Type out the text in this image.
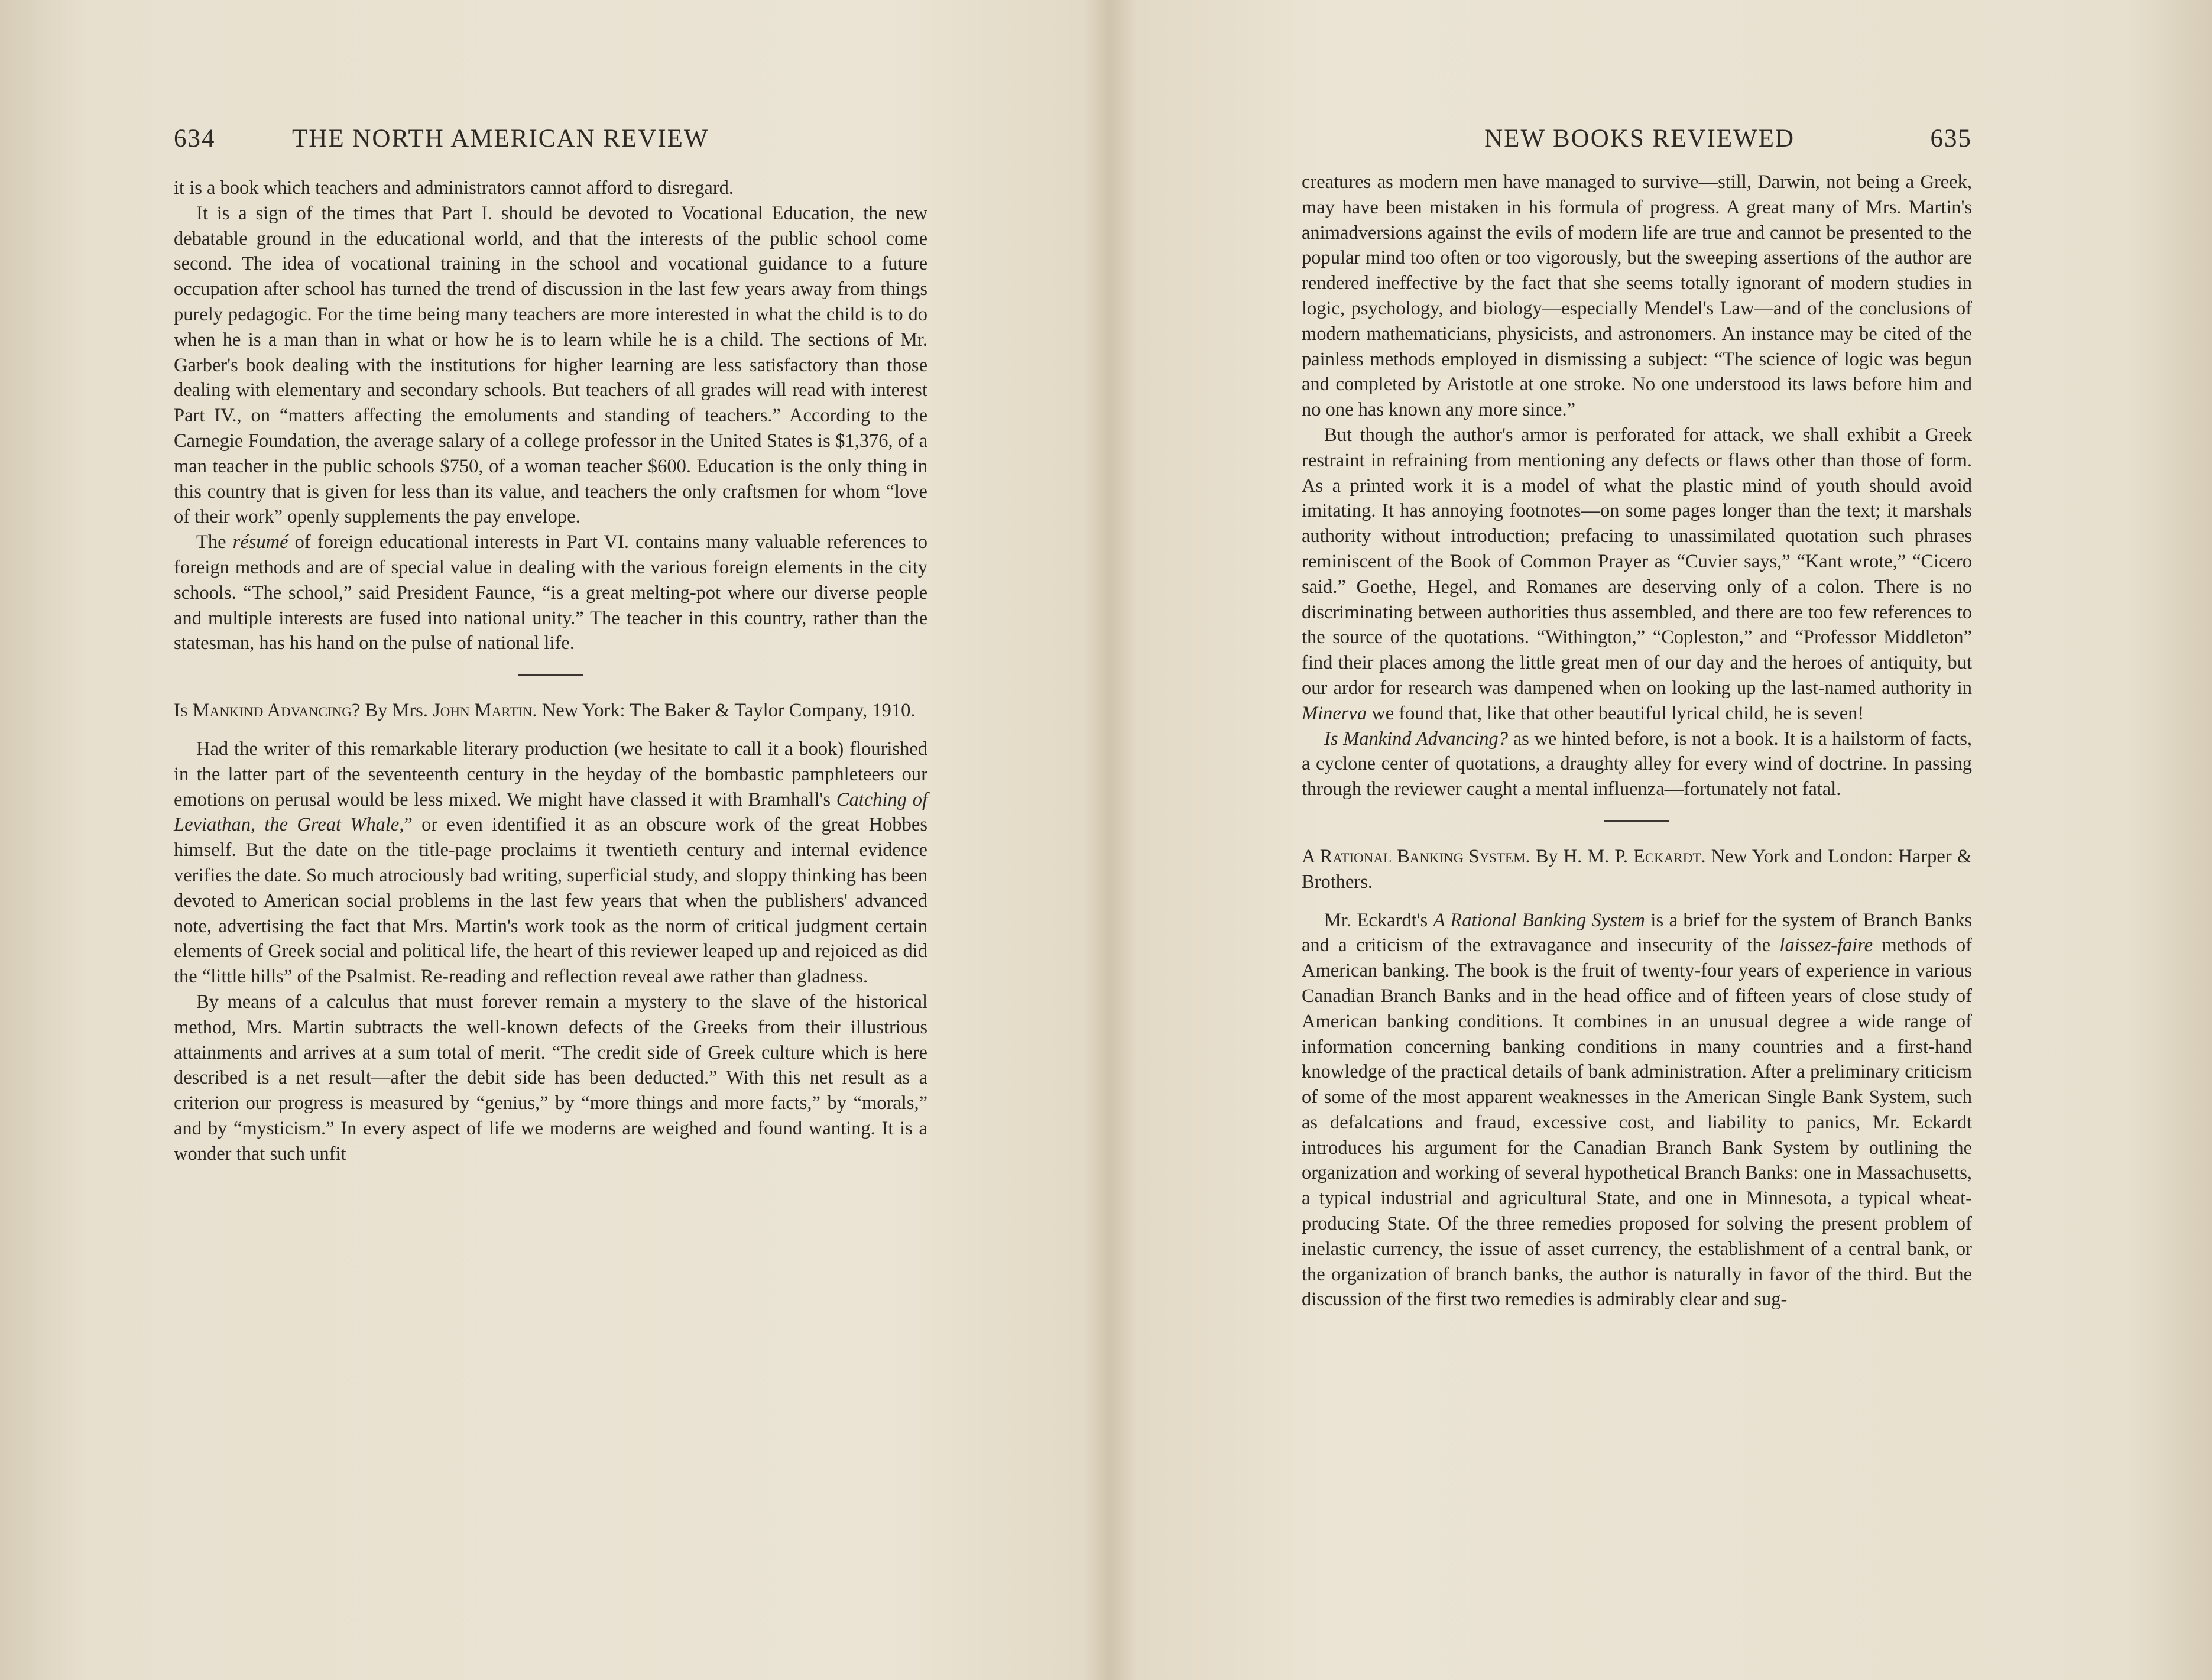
634	THE NORTH AMERICAN REVIEW

it is a book which teachers and administrators cannot afford to disregard.

It is a sign of the times that Part I. should be devoted to Vocational Education, the new debatable ground in the educational world, and that the interests of the public school come second. The idea of vocational training in the school and vocational guidance to a future occupation after school has turned the trend of discussion in the last few years away from things purely pedagogic. For the time being many teachers are more interested in what the child is to do when he is a man than in what or how he is to learn while he is a child. The sections of Mr. Garber's book dealing with the institutions for higher learning are less satisfactory than those dealing with elementary and secondary schools. But teachers of all grades will read with interest Part IV., on “matters affecting the emoluments and standing of teachers.” According to the Carnegie Foundation, the average salary of a college professor in the United States is $1,376, of a man teacher in the public schools $750, of a woman teacher $600. Education is the only thing in this country that is given for less than its value, and teachers the only craftsmen for whom “love of their work” openly supplements the pay envelope.

The résumé of foreign educational interests in Part VI. contains many valuable references to foreign methods and are of special value in dealing with the various foreign elements in the city schools. “The school,” said President Faunce, “is a great melting-pot where our diverse people and multiple interests are fused into national unity.” The teacher in this country, rather than the statesman, has his hand on the pulse of national life.

Is Mankind Advancing? By Mrs. John Martin. New York: The Baker & Taylor Company, 1910.

Had the writer of this remarkable literary production (we hesitate to call it a book) flourished in the latter part of the seventeenth century in the heyday of the bombastic pamphleteers our emotions on perusal would be less mixed. We might have classed it with Bramhall's Catching of Leviathan, the Great Whale,” or even identified it as an obscure work of the great Hobbes himself. But the date on the title-page proclaims it twentieth century and internal evidence verifies the date. So much atrociously bad writing, superficial study, and sloppy thinking has been devoted to American social problems in the last few years that when the publishers' advanced note, advertising the fact that Mrs. Martin's work took as the norm of critical judgment certain elements of Greek social and political life, the heart of this reviewer leaped up and rejoiced as did the “little hills” of the Psalmist. Re-reading and reflection reveal awe rather than gladness.

By means of a calculus that must forever remain a mystery to the slave of the historical method, Mrs. Martin subtracts the well-known defects of the Greeks from their illustrious attainments and arrives at a sum total of merit. “The credit side of Greek culture which is here described is a net result—after the debit side has been deducted.” With this net result as a criterion our progress is measured by “genius,” by “more things and more facts,” by “morals,” and by “mysticism.” In every aspect of life we moderns are weighed and found wanting. It is a wonder that such unfit

NEW BOOKS REVIEWED	635

creatures as modern men have managed to survive—still, Darwin, not being a Greek, may have been mistaken in his formula of progress. A great many of Mrs. Martin's animadversions against the evils of modern life are true and cannot be presented to the popular mind too often or too vigorously, but the sweeping assertions of the author are rendered ineffective by the fact that she seems totally ignorant of modern studies in logic, psychology, and biology—especially Mendel's Law—and of the conclusions of modern mathematicians, physicists, and astronomers. An instance may be cited of the painless methods employed in dismissing a subject: “The science of logic was begun and completed by Aristotle at one stroke. No one understood its laws before him and no one has known any more since.”

But though the author's armor is perforated for attack, we shall exhibit a Greek restraint in refraining from mentioning any defects or flaws other than those of form. As a printed work it is a model of what the plastic mind of youth should avoid imitating. It has annoying footnotes—on some pages longer than the text; it marshals authority without introduction; prefacing to unassimilated quotation such phrases reminiscent of the Book of Common Prayer as “Cuvier says,” “Kant wrote,” “Cicero said.” Goethe, Hegel, and Romanes are deserving only of a colon. There is no discriminating between authorities thus assembled, and there are too few references to the source of the quotations. “Withington,” “Copleston,” and “Professor Middleton” find their places among the little great men of our day and the heroes of antiquity, but our ardor for research was dampened when on looking up the last-named authority in Minerva we found that, like that other beautiful lyrical child, he is seven!

Is Mankind Advancing? as we hinted before, is not a book. It is a hailstorm of facts, a cyclone center of quotations, a draughty alley for every wind of doctrine. In passing through the reviewer caught a mental influenza—fortunately not fatal.

A Rational Banking System. By H. M. P. Eckardt. New York and London: Harper & Brothers.

Mr. Eckardt's A Rational Banking System is a brief for the system of Branch Banks and a criticism of the extravagance and insecurity of the laissez-faire methods of American banking. The book is the fruit of twenty-four years of experience in various Canadian Branch Banks and in the head office and of fifteen years of close study of American banking conditions. It combines in an unusual degree a wide range of information concerning banking conditions in many countries and a first-hand knowledge of the practical details of bank administration. After a preliminary criticism of some of the most apparent weaknesses in the American Single Bank System, such as defalcations and fraud, excessive cost, and liability to panics, Mr. Eckardt introduces his argument for the Canadian Branch Bank System by outlining the organization and working of several hypothetical Branch Banks: one in Massachusetts, a typical industrial and agricultural State, and one in Minnesota, a typical wheat-producing State. Of the three remedies proposed for solving the present problem of inelastic currency, the issue of asset currency, the establishment of a central bank, or the organization of branch banks, the author is naturally in favor of the third. But the discussion of the first two remedies is admirably clear and sug-
